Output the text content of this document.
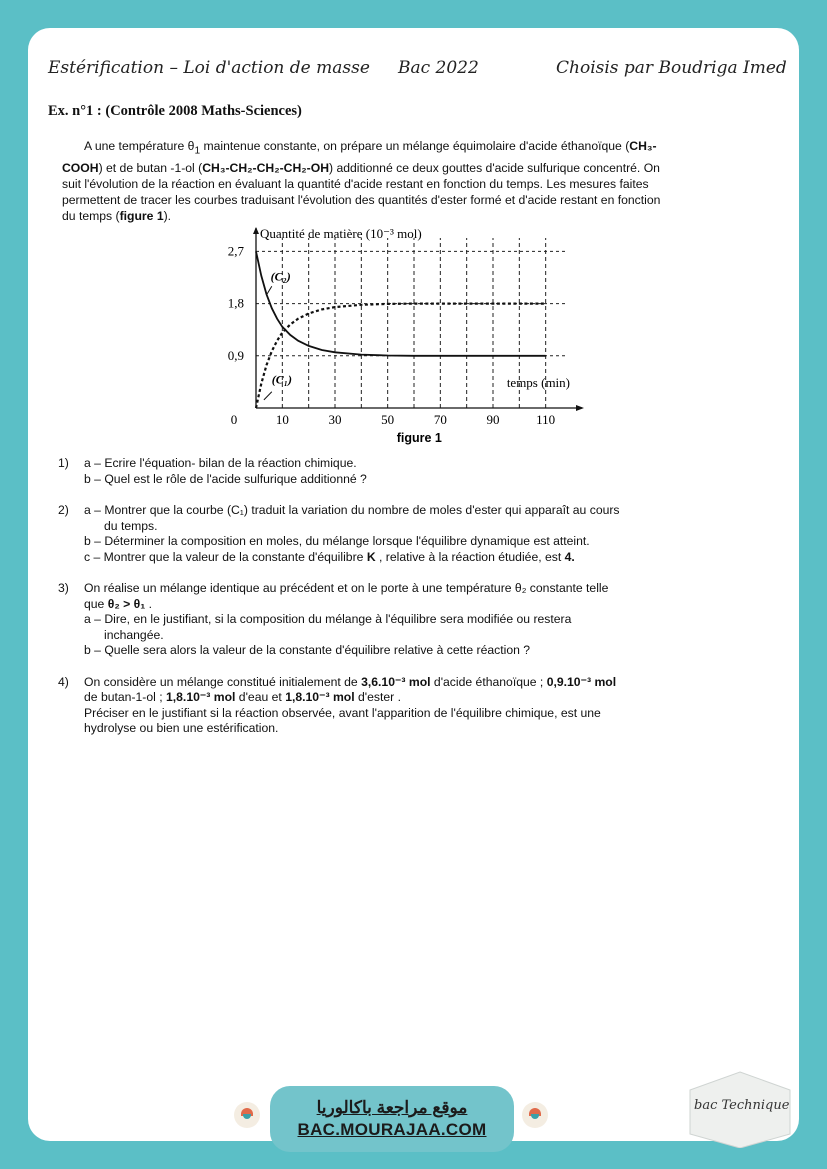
Estérification – Loi d'action de masse Bac 2022	Choisis par Boudriga Imed
Ex. n°1 : (Contrôle 2008 Maths-Sciences)

A une température $\theta_1$ maintenue constante, on prépare un mélange équimolaire d'acide éthanoïque (CH₃-COOH) et de butan -1-ol (CH₃-CH₂-CH₂-CH₂-OH) additionné ce deux gouttes d'acide sulfurique concentré. On suit l'évolution de la réaction en évaluant la quantité d'acide restant en fonction du temps. Les mesures faites permettent de tracer les courbes traduisant l'évolution des quantités d'ester formé et d'acide restant en fonction du temps (figure 1).

10	30	50	70	90	110
0
0,9
1,8
2,7
Quantité de matière (10⁻³ mol)
temps (min)
(C₂)
(C₁)
figure 1
1) a – Ecrire l'équation- bilan de la réaction chimique.
b – Quel est le rôle de l'acide sulfurique additionné ?
2) a – Montrer que la courbe (C₁) traduit la variation du nombre de moles d'ester qui apparaît au cours
du temps.
b – Déterminer la composition en moles, du mélange lorsque l'équilibre dynamique est atteint.
c – Montrer que la valeur de la constante d'équilibre K , relative à la réaction étudiée, est 4.
3) On réalise un mélange identique au précédent et on le porte à une température θ₂ constante telle
que θ₂ > θ₁ .
a – Dire, en le justifiant, si la composition du mélange à l'équilibre sera modifiée ou restera
inchangée.
b – Quelle sera alors la valeur de la constante d'équilibre relative à cette réaction ?
4) On considère un mélange constitué initialement de 3,6.10⁻³ mol d'acide éthanoïque ; 0,9.10⁻³ mol
de butan-1-ol ; 1,8.10⁻³ mol d'eau et 1,8.10⁻³ mol d'ester .
Préciser en le justifiant si la réaction observée, avant l'apparition de l'équilibre chimique, est une
hydrolyse ou bien une estérification.
موقع مراجعة باكالوريا
BAC.MOURAJAA.COM
bac Technique
